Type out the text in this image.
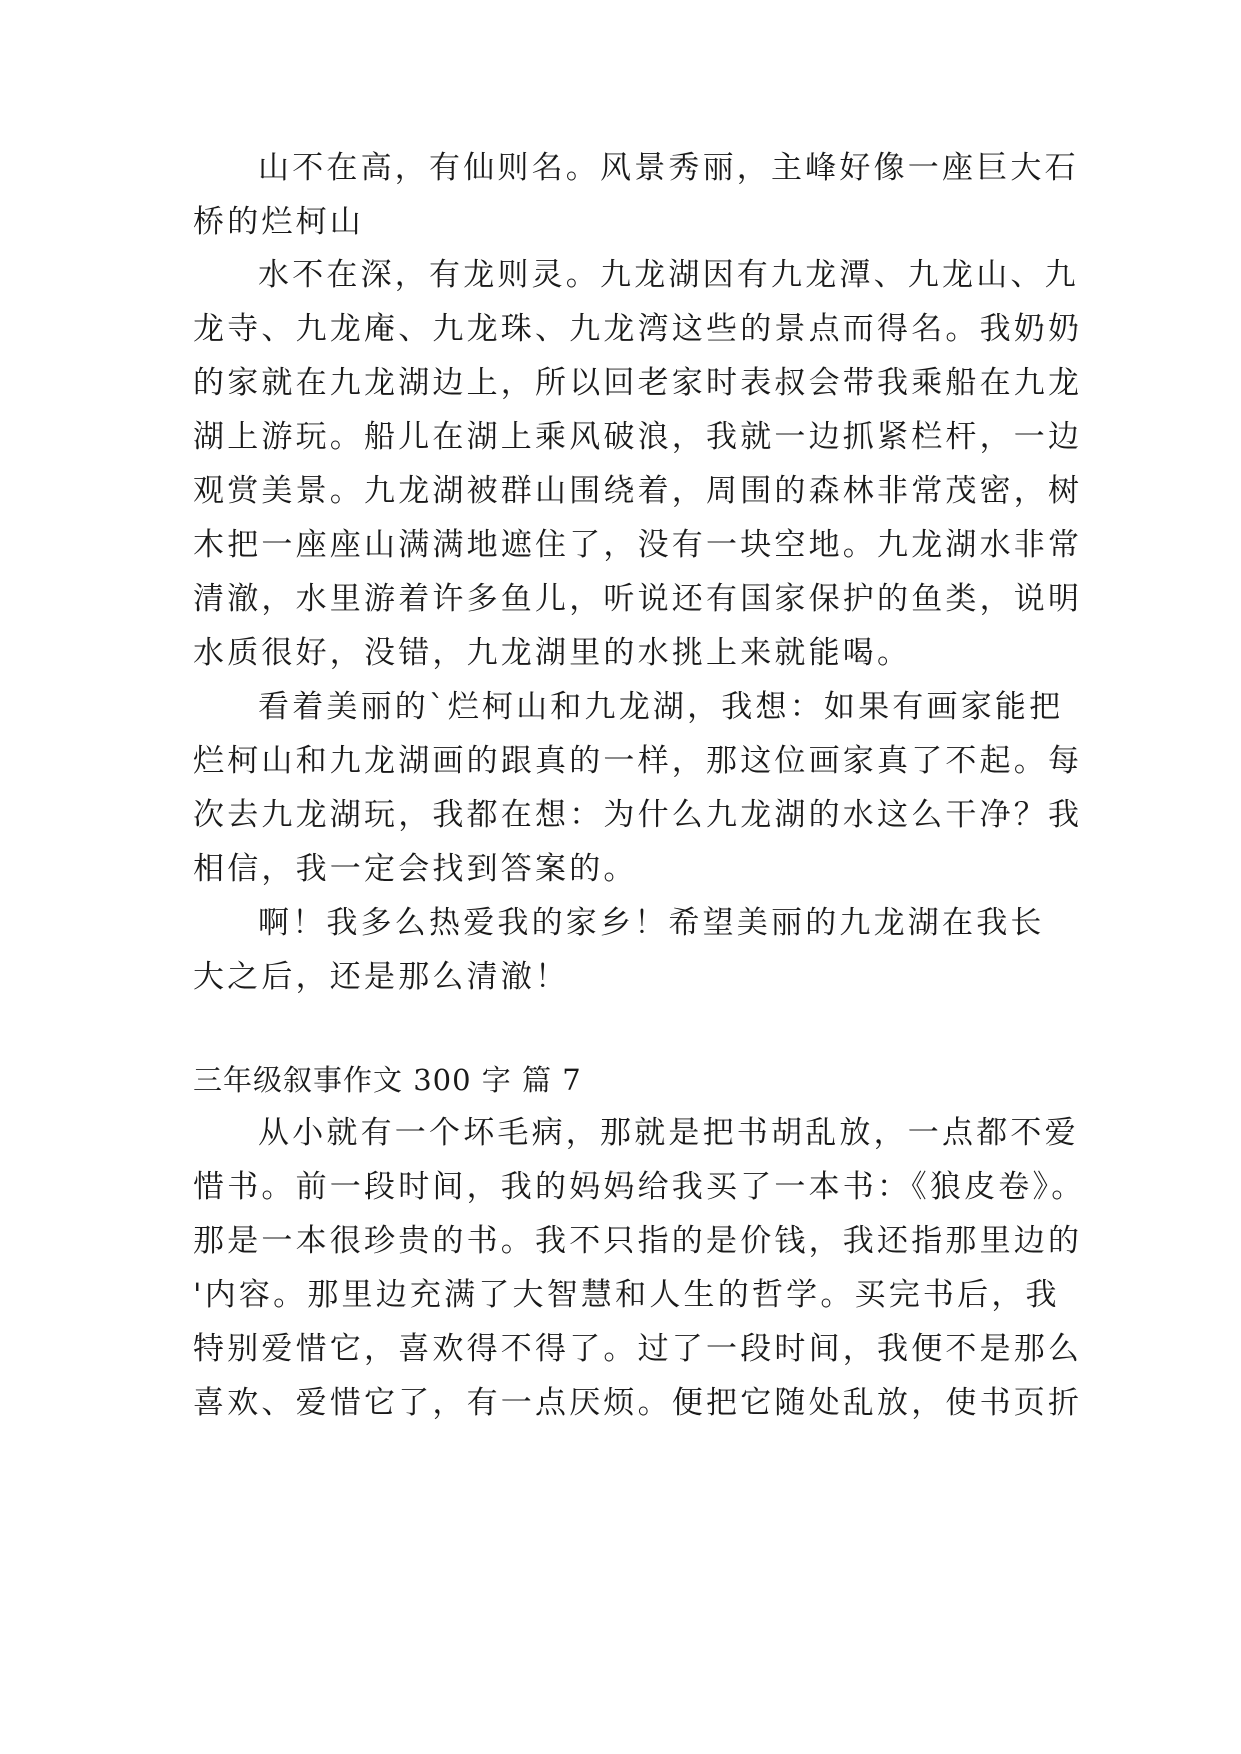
山不在高，有仙则名。风景秀丽，主峰好像一座巨大石
桥的烂柯山
水不在深，有龙则灵。九龙湖因有九龙潭、九龙山、九
龙寺、九龙庵、九龙珠、九龙湾这些的景点而得名。我奶奶
的家就在九龙湖边上，所以回老家时表叔会带我乘船在九龙
湖上游玩。船儿在湖上乘风破浪，我就一边抓紧栏杆，一边
观赏美景。九龙湖被群山围绕着，周围的森林非常茂密，树
木把一座座山满满地遮住了，没有一块空地。九龙湖水非常
清澈，水里游着许多鱼儿，听说还有国家保护的鱼类，说明
水质很好，没错，九龙湖里的水挑上来就能喝。
看着美丽的`烂柯山和九龙湖，我想：如果有画家能把
烂柯山和九龙湖画的跟真的一样，那这位画家真了不起。每
次去九龙湖玩，我都在想：为什么九龙湖的水这么干净？我
相信，我一定会找到答案的。
啊！我多么热爱我的家乡！希望美丽的九龙湖在我长
大之后，还是那么清澈！
三年级叙事作文 300 字 篇 7
从小就有一个坏毛病，那就是把书胡乱放，一点都不爱
惜书。前一段时间，我的妈妈给我买了一本书：《狼皮卷》。
那是一本很珍贵的书。我不只指的是价钱，我还指那里边的
'内容。那里边充满了大智慧和人生的哲学。买完书后，我
特别爱惜它，喜欢得不得了。过了一段时间，我便不是那么
喜欢、爱惜它了，有一点厌烦。便把它随处乱放，使书页折
